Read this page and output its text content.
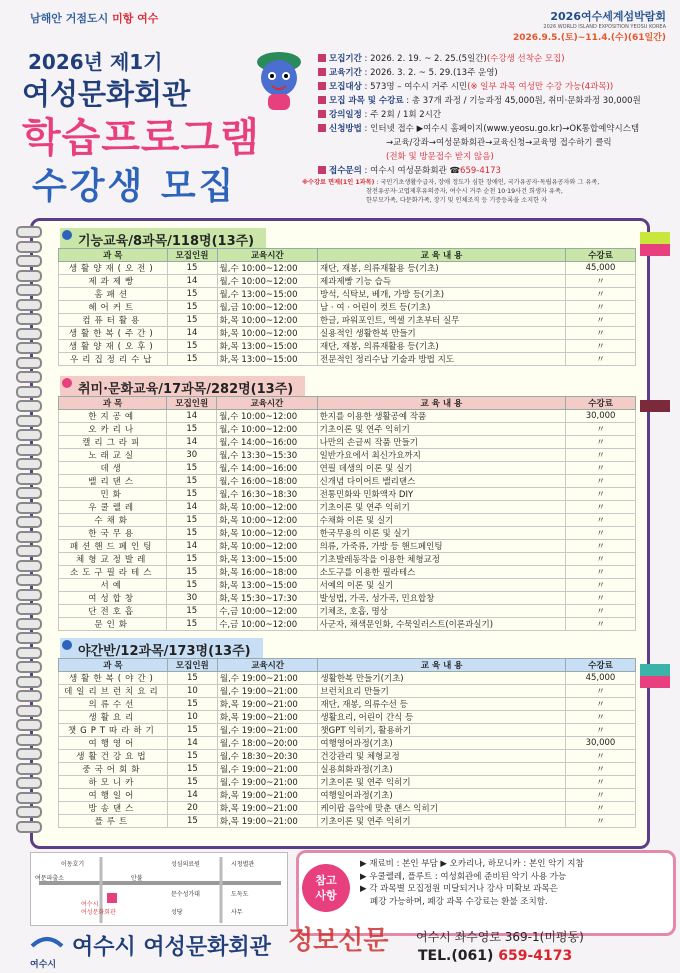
남해안 거점도시 미항 여수	2026여수세계섬박람회
2026 WORLD ISLAND EXPOSITION YEOSU KOREA
2026.9.5.(토)~11.4.(수)(61일간)
2026년 제1기
여성문화회관
학습프로그램
수강생 모집
모집기간 : 2026. 2. 19. ~ 2. 25.(5일간)(수강생 선착순 모집)
교육기간 : 2026. 3. 2. ~ 5. 29.(13주 운영)
모집대상 : 573명 – 여수시 거주 시민(※ 일부 과목 여성만 수강 가능(4과목))
모집 과목 및 수강료 : 총 37개 과정 / 기능과정 45,000원, 취미·문화과정 30,000원
강의일정 : 주 2회 / 1회 2시간
신청방법 : 인터넷 접수 ▶여수시 홈페이지(www.yeosu.go.kr)→OK통합예약시스템
→교육/강좌→여성문화회관→교육신청→교육명 접수하기 클릭
(전화 및 방문접수 받지 않음)
접수문의 : 여수시 여성문화회관 ☎659-4173
※수강료 면제(1인 1과목) : 국민기초생활수급자, 장애 정도가 심한 장애인, 국가유공자·독립유공자와 그 유족,
참전유공자·고엽제후유의증자, 여수시 거주 순천 10·19사건 희생자 유족,
한부모가족, 다문화가족, 장기 및 인체조직 등 기증등록을 소지한 자
기능교육/8과목/118명(13주)
과 목	모집인원	교육시간	교 육 내 용	수강료
생활양재(오전)	15	월,수 10:00~12:00	재단, 재봉, 의류재활용 등(기초)	45,000
제과제빵	14	월,수 10:00~12:00	제과제빵 기능 습득	〃
홈패션	15	월,수 13:00~15:00	방석, 식탁보, 베개, 가방 등(기초)	〃
헤어커트	15	월,금 10:00~12:00	남 · 여 · 어린이 컷트 등(기초)	〃
컴퓨터활용	15	화,목 10:00~12:00	한글, 파워포인트, 엑셀 기초부터 실무	〃
생활한복(주간)	14	화,목 10:00~12:00	실용적인 생활한복 만들기	〃
생활양재(오후)	15	화,목 13:00~15:00	재단, 재봉, 의류재활용 등(기초)	〃
우리집정리수납	15	화,목 13:00~15:00	전문적인 정리수납 기술과 방법 지도	〃
취미·문화교육/17과목/282명(13주)
과 목	모집인원	교육시간	교 육 내 용	수강료
한지공예	14	월,수 10:00~12:00	한지를 이용한 생활공예 작품	30,000
오카리나	15	월,수 10:00~12:00	기초이론 및 연주 익히기	〃
캘리그라피	14	월,수 14:00~16:00	나만의 손글씨 작품 만들기	〃
노래교실	30	월,수 13:30~15:30	일반가요에서 최신가요까지	〃
데생	15	월,수 14:00~16:00	연필 데생의 이론 및 실기	〃
밸리댄스	15	월,수 16:00~18:00	신개념 다이어트 밸리댄스	〃
민화	15	월,수 16:30~18:30	전통민화와 민화액자 DIY	〃
우쿨렐레	14	화,목 10:00~12:00	기초이론 및 연주 익히기	〃
수채화	15	화,목 10:00~12:00	수채화 이론 및 실기	〃
한국무용	15	화,목 10:00~12:00	한국무용의 이론 및 실기	〃
패션핸드페인팅	14	화,목 10:00~12:00	의류, 가죽류, 가방 등 핸드페인팅	〃
체형교정발레	15	화,목 13:00~15:00	기초발레동작을 이용한 체형교정	〃
소도구필라테스	15	화,목 16:00~18:00	소도구를 이용한 필라테스	〃
서예	15	화,목 13:00~15:00	서예의 이론 및 실기	〃
여성합창	30	화,목 15:30~17:30	발성법, 가곡, 성가곡, 민요합창	〃
단전호흡	15	수,금 10:00~12:00	기체조, 호흡, 명상	〃
문인화	15	수,금 10:00~12:00	사군자, 채색문인화, 수묵일러스트(이론과실기)	〃
야간반/12과목/173명(13주)
과 목	모집인원	교육시간	교 육 내 용	수강료
생활한복(야간)	15	월,수 19:00~21:00	생활한복 만들기(기초)	45,000
데일리브런치요리	10	월,수 19:00~21:00	브런치요리 만들기	〃
의류수선	15	화,목 19:00~21:00	재단, 재봉, 의류수선 등	〃
생활요리	10	화,목 19:00~21:00	생활요리, 어린이 간식 등	〃
챗GPT따라하기	15	월,수 19:00~21:00	챗GPT 익히기, 활용하기	〃
여행영어	14	월,수 18:00~20:00	여행영어과정(기초)	30,000
생활건강요법	15	월,수 18:30~20:30	건강관리 및 체형교정	〃
중국어회화	15	월,수 19:00~21:00	실용회화과정(기초)	〃
하모니카	15	월,수 19:00~21:00	기초이론 및 연주 익히기	〃
여행일어	14	화,목 19:00~21:00	여행일어과정(기초)	〃
방송댄스	20	화,목 19:00~21:00	케이팝 음악에 맞춘 댄스 익히기	〃
플루트	15	화,목 19:00~21:00	기초이론 및 연주 익히기	〃
이동호기	성심의료원	시청별관
여문파출소	안불
여수시
여성문화회관
문수성가대	도둑도
성당	사무
참고
사항
▶ 재료비 : 본인 부담 ▶ 오카리나, 하모니카 : 본인 악기 지참
▶ 우쿨렐레, 플루트 : 여성회관에 준비된 악기 사용 가능
▶ 각 과목별 모집정원 미달되거나 강사 미확보 과목은
폐강 가능하며, 폐강 과목 수강료는 환불 조치함.
여수시
여수시 여성문화회관 정보신문 여수시 좌수영로 369-1(미평동)
TEL.(061) 659-4173
